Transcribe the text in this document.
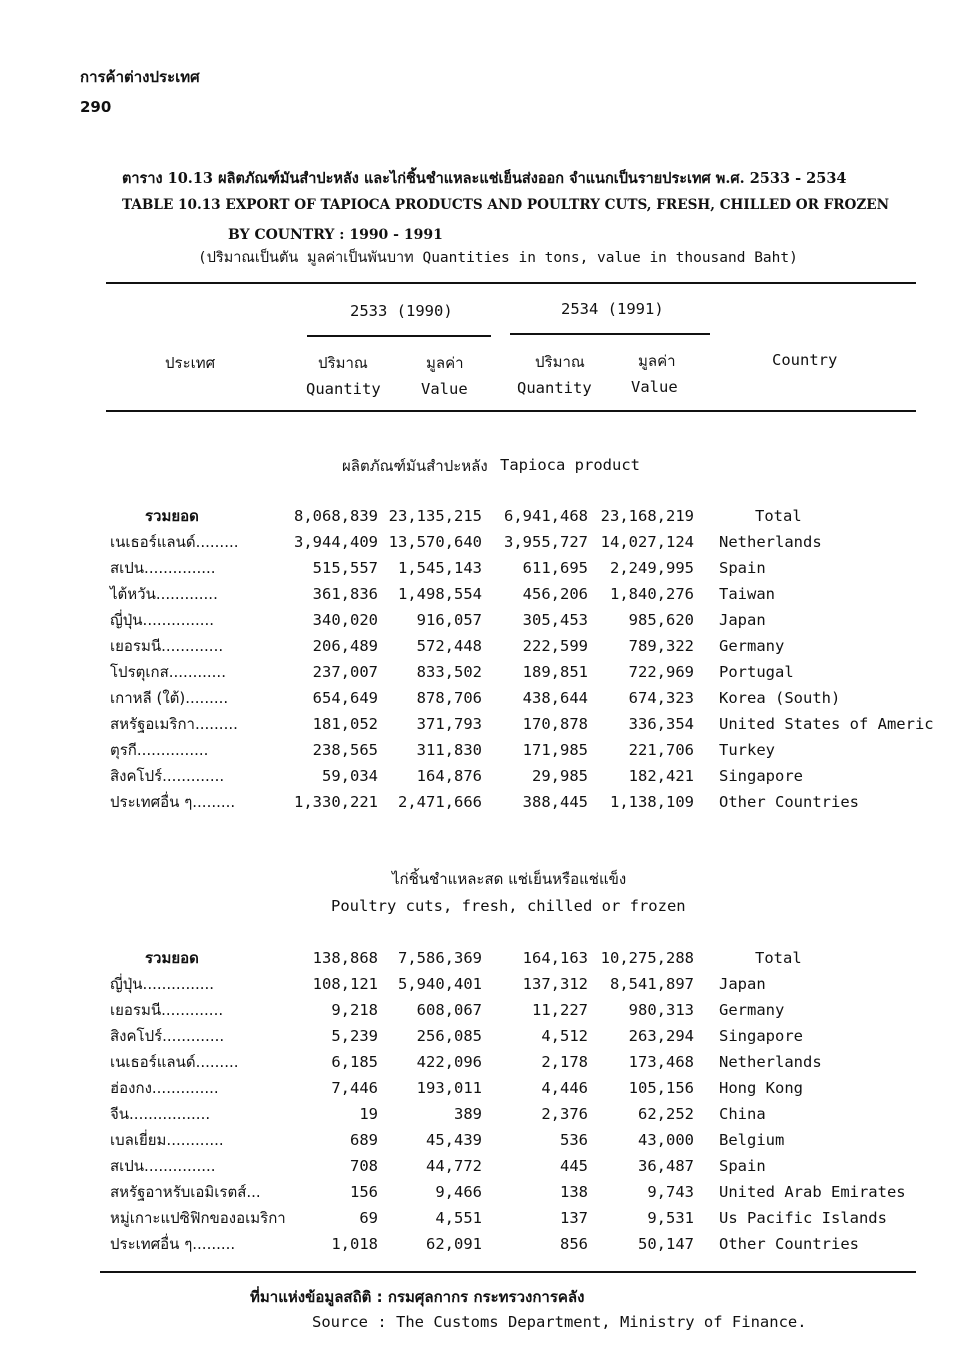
การค้าต่างประเทศ
290
ตาราง 10.13 ผลิตภัณฑ์มันสำปะหลัง และไก่ชิ้นชำแหละแช่เย็นส่งออก จำแนกเป็นรายประเทศ พ.ศ. 2533 - 2534
TABLE 10.13 EXPORT OF TAPIOCA PRODUCTS AND POULTRY CUTS, FRESH, CHILLED OR FROZEN
BY COUNTRY : 1990 - 1991
(ปริมาณเป็นตัน มูลค่าเป็นพันบาท Quantities in tons, value in thousand Baht)
2533 (1990)	2534 (1991)
ประเทศ	ปริมาณ	มูลค่า	ปริมาณ	มูลค่า	Country
Quantity	Value	Quantity	Value
ผลิตภัณฑ์มันสำปะหลัง Tapioca product
รวมยอด	8,068,839 23,135,215	6,941,468 23,168,219	Total
เนเธอร์แลนด์.........	3,944,409 13,570,640	3,955,727 14,027,124 Netherlands
สเปน...............	515,557	1,545,143	611,695	2,249,995 Spain
ไต้หวัน.............	361,836	1,498,554	456,206	1,840,276 Taiwan
ญี่ปุ่น...............	340,020	916,057	305,453	985,620 Japan
เยอรมนี.............	206,489	572,448	222,599	789,322 Germany
โปรตุเกส............	237,007	833,502	189,851	722,969 Portugal
เกาหลี (ใต้).........	654,649	878,706	438,644	674,323 Korea (South)
สหรัฐอเมริกา.........	181,052	371,793	170,878	336,354 United States of Americ
ตุรกี...............	238,565	311,830	171,985	221,706 Turkey
สิงคโปร์.............	59,034	164,876	29,985	182,421 Singapore
ประเทศอื่น ๆ.........	1,330,221	2,471,666	388,445	1,138,109 Other Countries
ไก่ชิ้นชำแหละสด แช่เย็นหรือแช่แข็ง
Poultry cuts, fresh, chilled or frozen
รวมยอด	138,868	7,586,369	164,163 10,275,288	Total
ญี่ปุ่น...............	108,121	5,940,401	137,312	8,541,897 Japan
เยอรมนี.............	9,218	608,067	11,227	980,313 Germany
สิงคโปร์.............	5,239	256,085	4,512	263,294 Singapore
เนเธอร์แลนด์.........	6,185	422,096	2,178	173,468 Netherlands
ฮ่องกง..............	7,446	193,011	4,446	105,156 Hong Kong
จีน.................	19	389	2,376	62,252 China
เบลเยี่ยม............	689	45,439	536	43,000 Belgium
สเปน...............	708	44,772	445	36,487 Spain
สหรัฐอาหรับเอมิเรตส์...	156	9,466	138	9,743 United Arab Emirates
หมู่เกาะแปซิฟิกของอเมริกา	69	4,551	137	9,531 Us Pacific Islands
ประเทศอื่น ๆ.........	1,018	62,091	856	50,147 Other Countries
ที่มาแห่งข้อมูลสถิติ : กรมศุลกากร กระทรวงการคลัง
Source : The Customs Department, Ministry of Finance.
